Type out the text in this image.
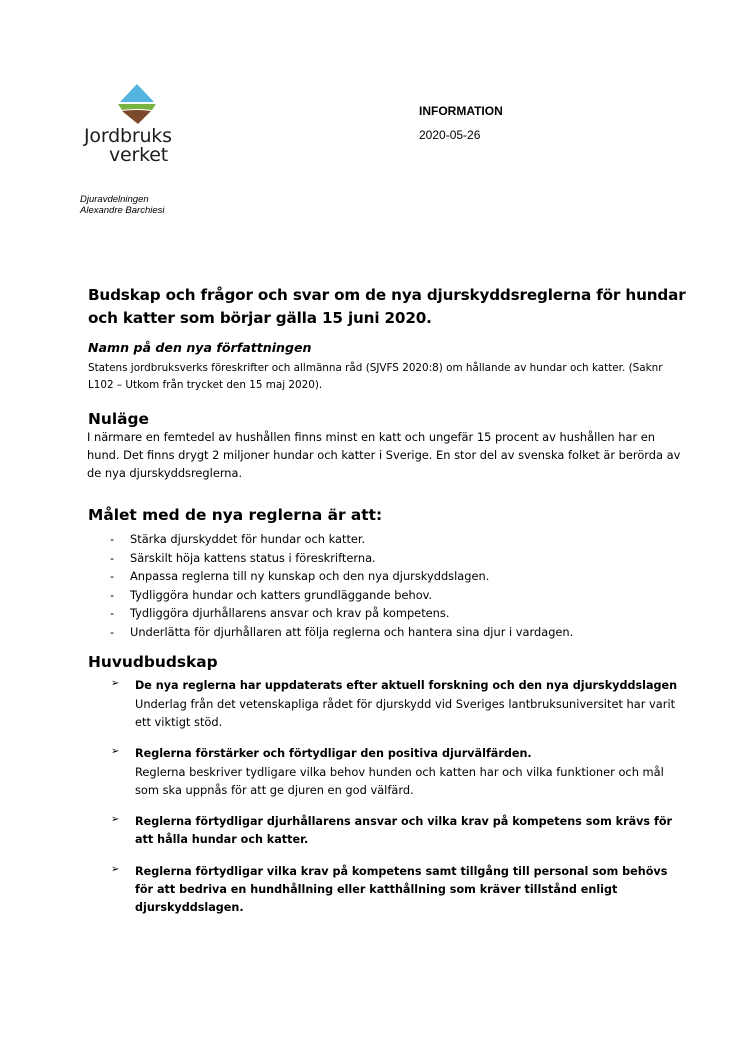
Jordbruks
verket
INFORMATION
2020-05-26
Djuravdelningen
Alexandre Barchiesi
Budskap och frågor och svar om de nya djurskyddsreglerna för hundar och katter som börjar gälla 15 juni 2020.

Namn på den nya författningen

Statens jordbruksverks föreskrifter och allmänna råd (SJVFS 2020:8) om hållande av hundar och katter. (Saknr L102 – Utkom från trycket den 15 maj 2020).

Nuläge

I närmare en femtedel av hushållen finns minst en katt och ungefär 15 procent av hushållen har en hund. Det finns drygt 2 miljoner hundar och katter i Sverige. En stor del av svenska folket är berörda av de nya djurskyddsreglerna.

Målet med de nya reglerna är att:
- Stärka djurskyddet för hundar och katter.
- Särskilt höja kattens status i föreskrifterna.
- Anpassa reglerna till ny kunskap och den nya djurskyddslagen.
- Tydliggöra hundar och katters grundläggande behov.
- Tydliggöra djurhållarens ansvar och krav på kompetens.
- Underlätta för djurhållaren att följa reglerna och hantera sina djur i vardagen.
Huvudbudskap
➢ De nya reglerna har uppdaterats efter aktuell forskning och den nya djurskyddslagen
Underlag från det vetenskapliga rådet för djurskydd vid Sveriges lantbruksuniversitet har varit ett viktigt stöd.
➢ Reglerna förstärker och förtydligar den positiva djurvälfärden.
Reglerna beskriver tydligare vilka behov hunden och katten har och vilka funktioner och mål som ska uppnås för att ge djuren en god välfärd.
➢ Reglerna förtydligar djurhållarens ansvar och vilka krav på kompetens som krävs för att hålla hundar och katter.
➢ Reglerna förtydligar vilka krav på kompetens samt tillgång till personal som behövs för att bedriva en hundhållning eller katthållning som kräver tillstånd enligt djurskyddslagen.
